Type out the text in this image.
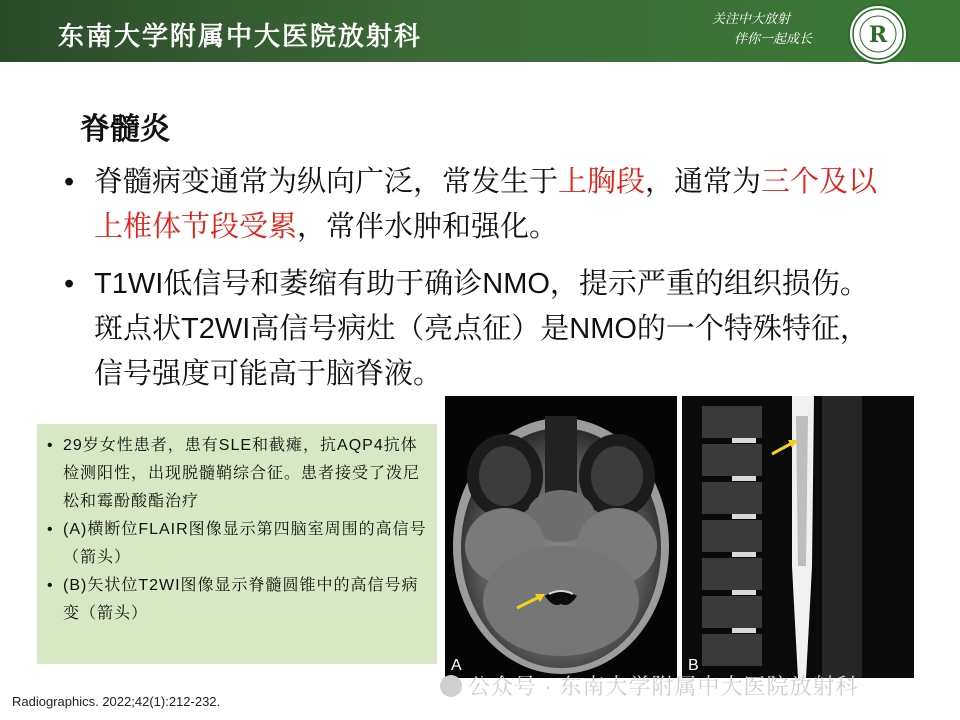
东南大学附属中大医院放射科
关注中大放射
伴你一起成长	R
脊髓炎
• 脊髓病变通常为纵向广泛，常发生于上胸段，通常为三个及以上椎体节段受累，常伴水肿和强化。
• T1WI低信号和萎缩有助于确诊NMO，提示严重的组织损伤。斑点状T2WI高信号病灶（亮点征）是NMO的一个特殊特征，信号强度可能高于脑脊液。
• 29岁女性患者，患有SLE和截瘫，抗AQP4抗体检测阳性，出现脱髓鞘综合征。患者接受了泼尼松和霉酚酸酯治疗
• (A)横断位FLAIR图像显示第四脑室周围的高信号（箭头）
• (B)矢状位T2WI图像显示脊髓圆锥中的高信号病变（箭头）
Radiographics. 2022;42(1):212-232.
A	B
公众号 · 东南大学附属中大医院放射科
